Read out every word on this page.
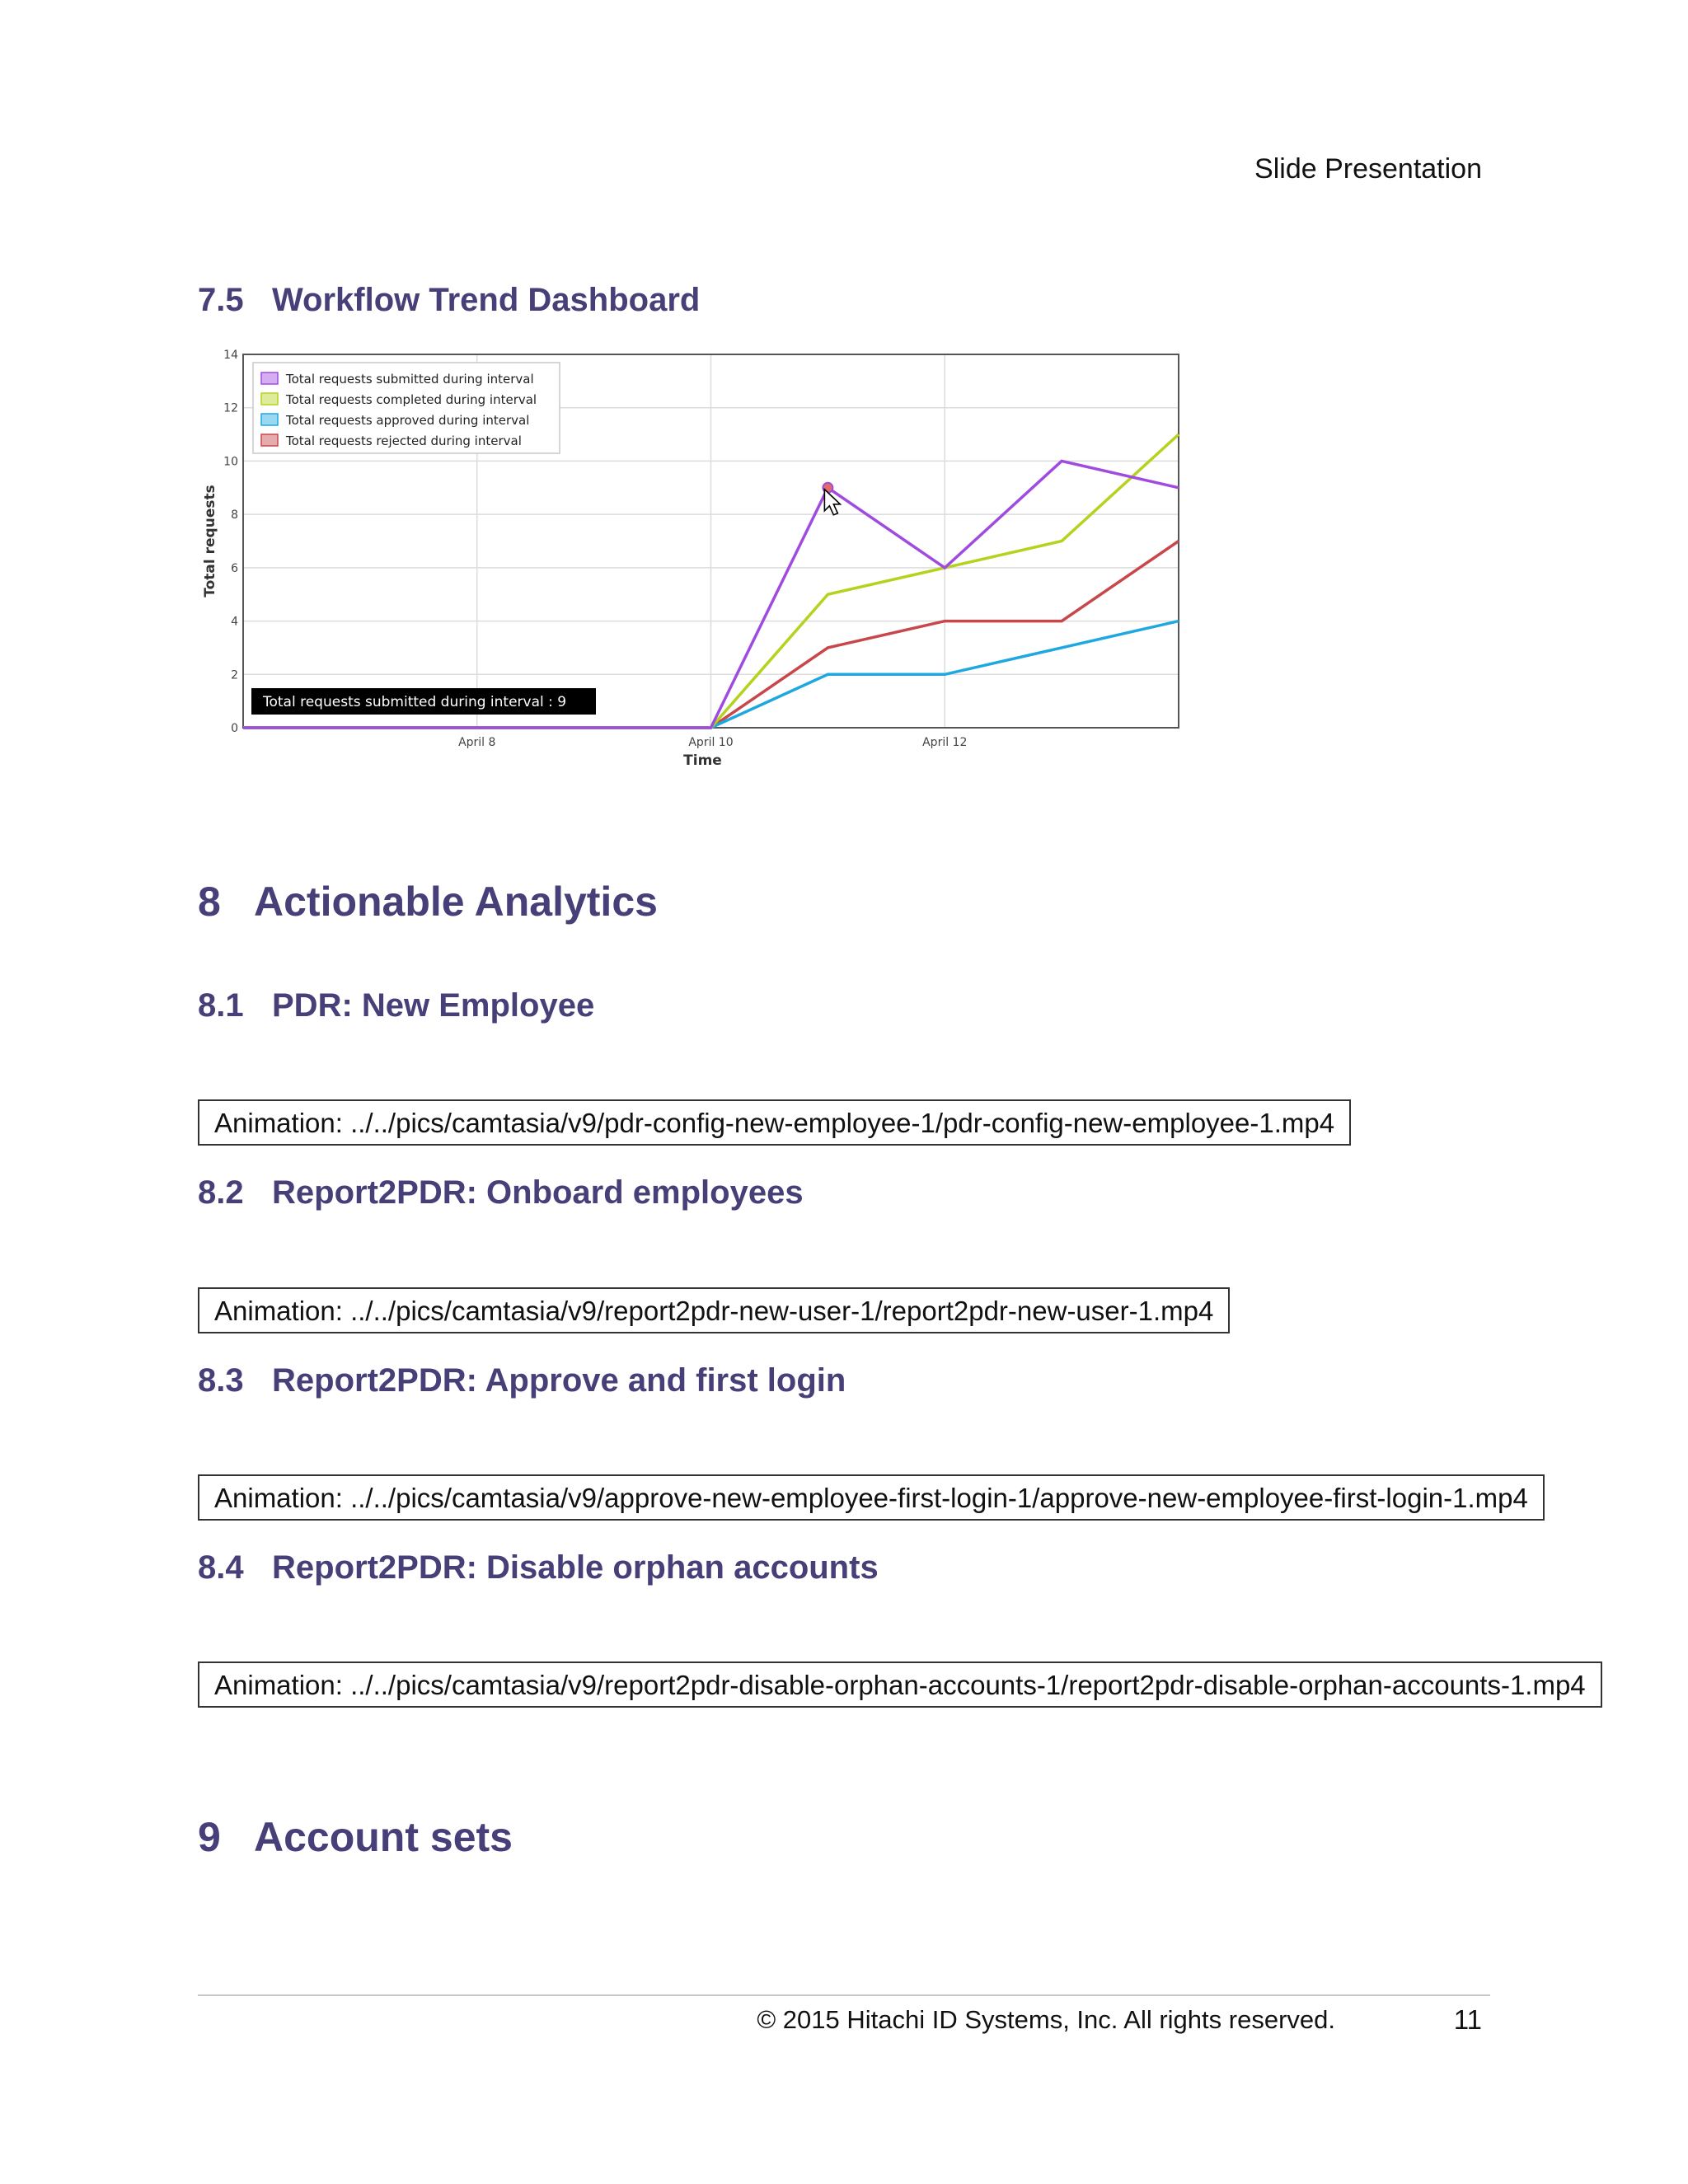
Slide Presentation
7.5 Workflow Trend Dashboard
0
2
4
6
8
10
12
14
April 8	April 10	April 12
Time
Total requests
Total requests submitted during interval
Total requests completed during interval
Total requests approved during interval
Total requests rejected during interval
Total requests submitted during interval : 9
8 Actionable Analytics
8.1 PDR: New Employee
Animation: ../../pics/camtasia/v9/pdr-config-new-employee-1/pdr-config-new-employee-1.mp4
8.2 Report2PDR: Onboard employees
Animation: ../../pics/camtasia/v9/report2pdr-new-user-1/report2pdr-new-user-1.mp4
8.3 Report2PDR: Approve and first login
Animation: ../../pics/camtasia/v9/approve-new-employee-first-login-1/approve-new-employee-first-login-1.mp4
8.4 Report2PDR: Disable orphan accounts
Animation: ../../pics/camtasia/v9/report2pdr-disable-orphan-accounts-1/report2pdr-disable-orphan-accounts-1.mp4
9 Account sets
© 2015 Hitachi ID Systems, Inc. All rights reserved.	11
